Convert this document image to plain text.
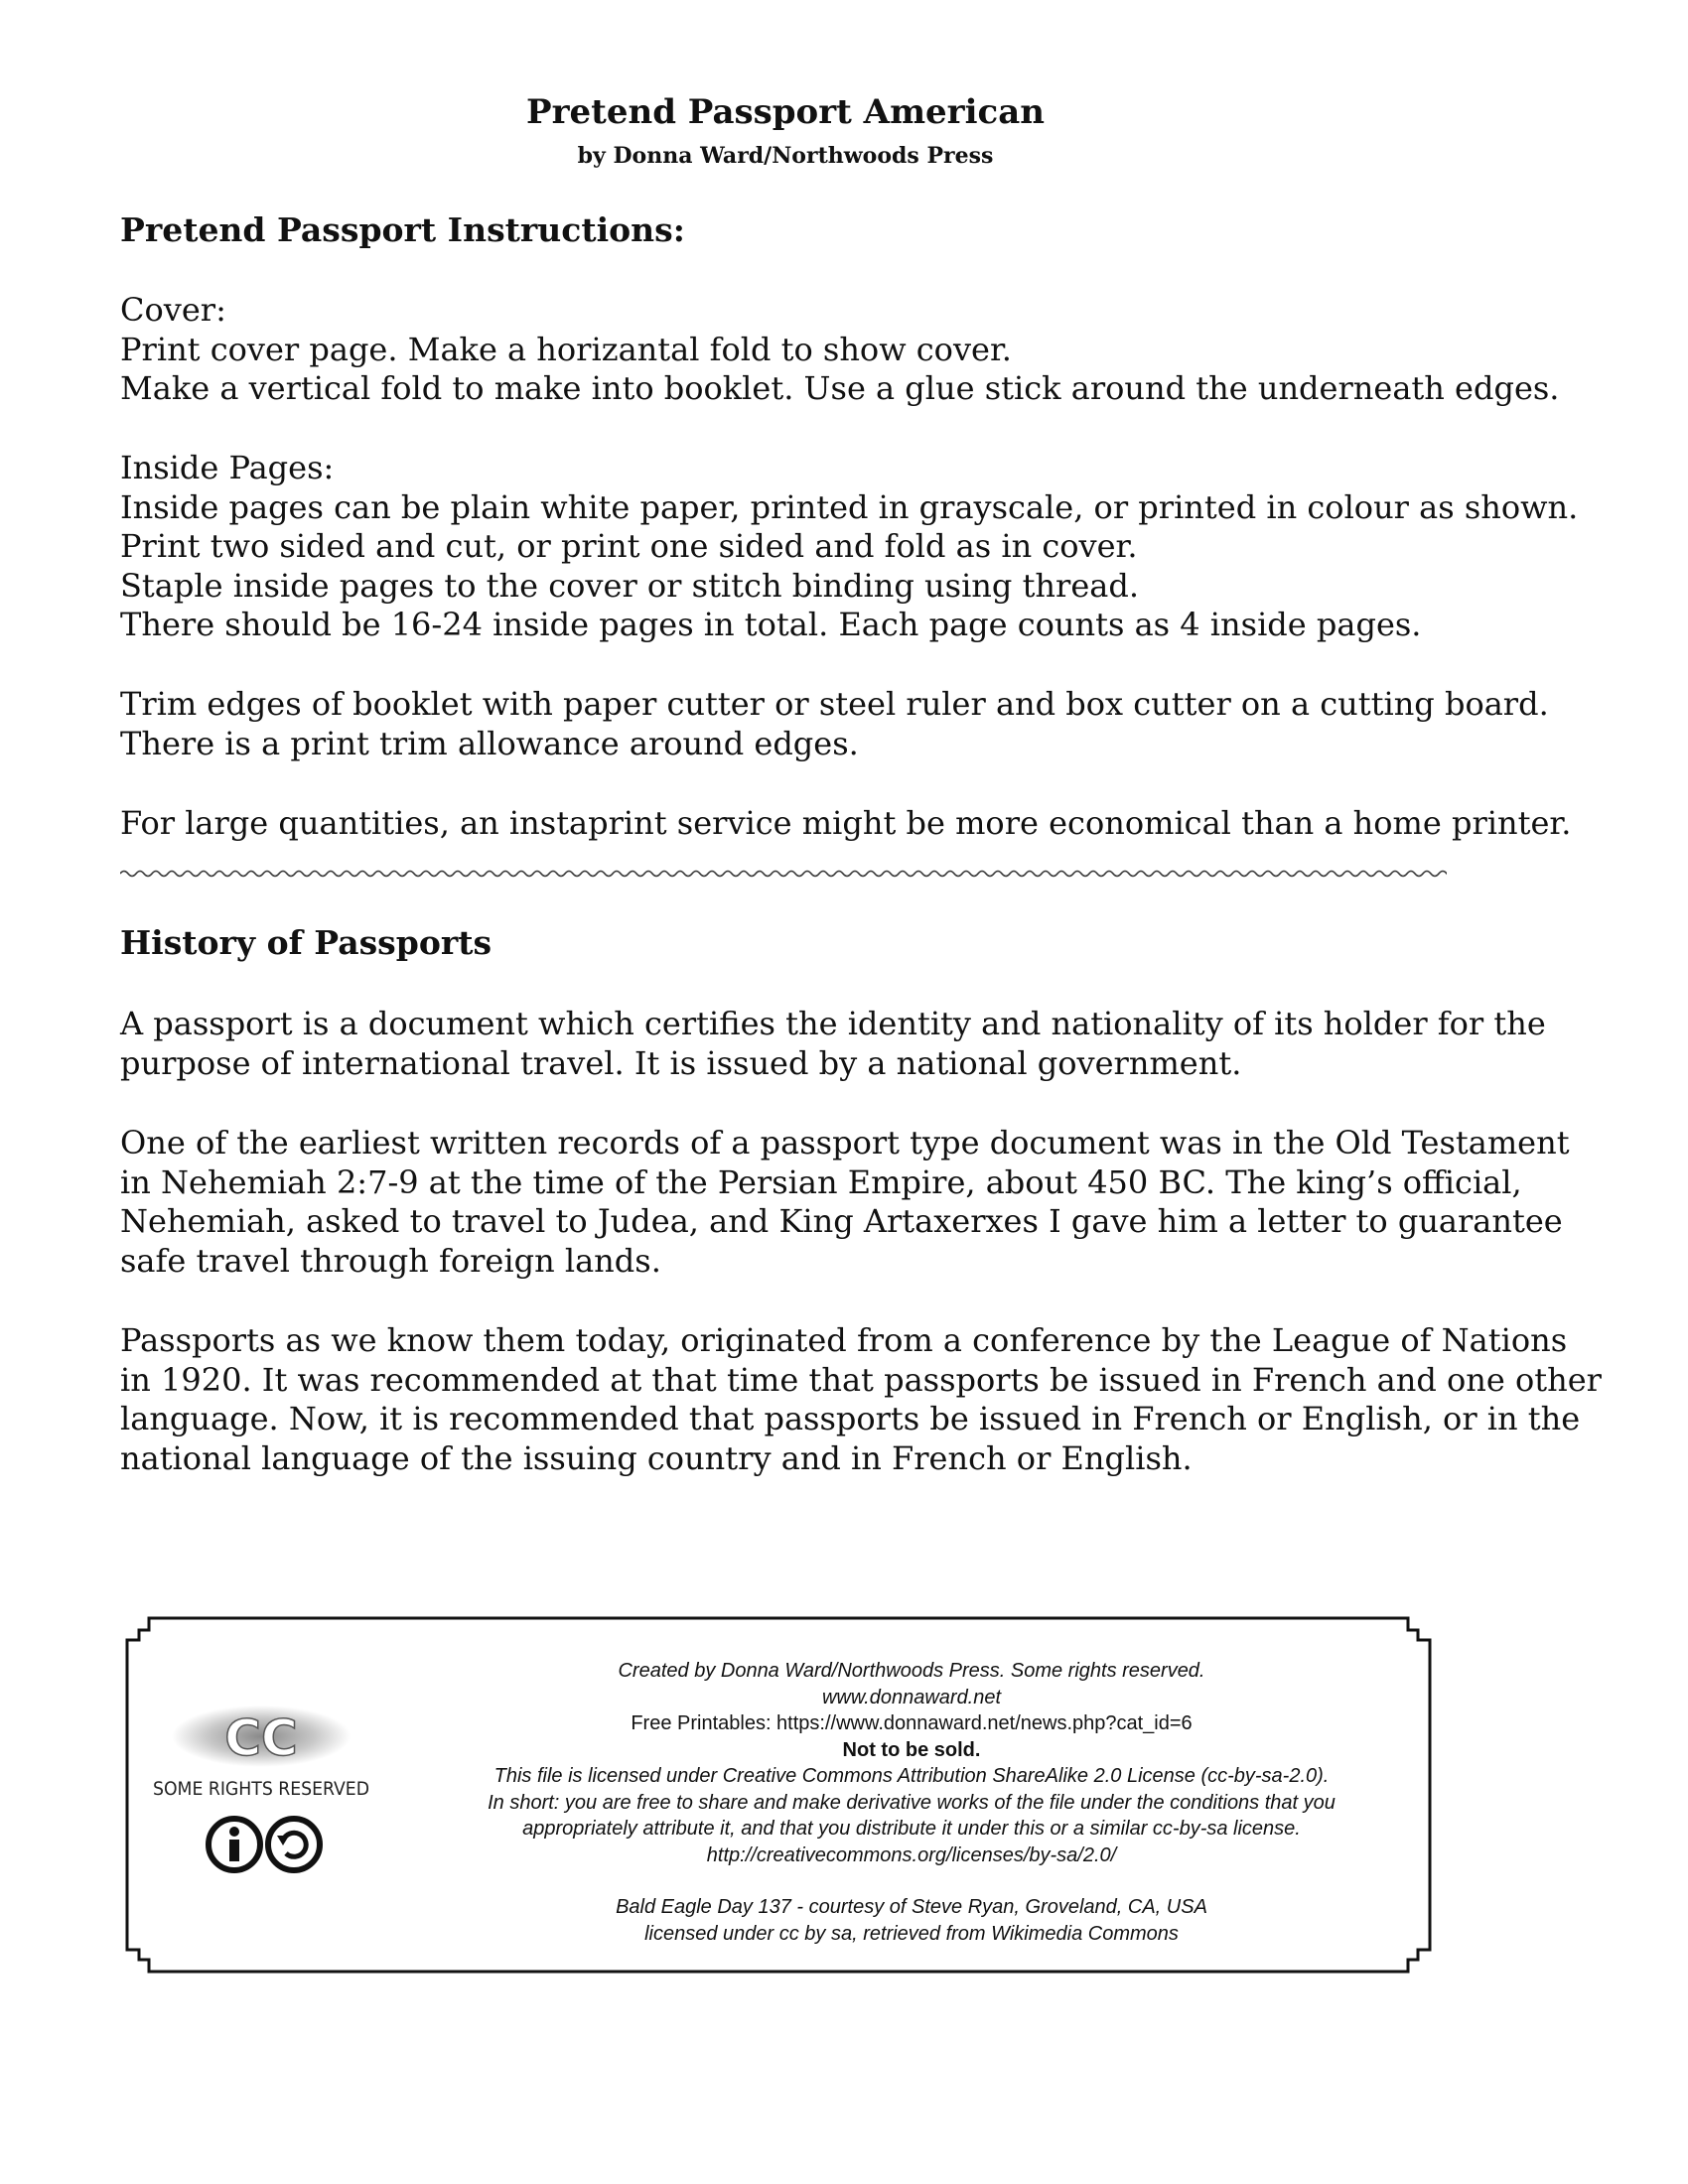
Pretend Passport American
by Donna Ward/Northwoods Press
Pretend Passport Instructions:
Cover:
Print cover page. Make a horizantal fold to show cover.
Make a vertical fold to make into booklet. Use a glue stick around the underneath edges.
Inside Pages:
Inside pages can be plain white paper, printed in grayscale, or printed in colour as shown.
Print two sided and cut, or print one sided and fold as in cover.
Staple inside pages to the cover or stitch binding using thread.
There should be 16-24 inside pages in total. Each page counts as 4 inside pages.
Trim edges of booklet with paper cutter or steel ruler and box cutter on a cutting board.
There is a print trim allowance around edges.
For large quantities, an instaprint service might be more economical than a home printer.
History of Passports
A passport is a document which certifies the identity and nationality of its holder for the
purpose of international travel. It is issued by a national government.
One of the earliest written records of a passport type document was in the Old Testament
in Nehemiah 2:7-9 at the time of the Persian Empire, about 450 BC. The king’s official,
Nehemiah, asked to travel to Judea, and King Artaxerxes I gave him a letter to guarantee
safe travel through foreign lands.
Passports as we know them today, originated from a conference by the League of Nations
in 1920. It was recommended at that time that passports be issued in French and one other
language. Now, it is recommended that passports be issued in French or English, or in the
national language of the issuing country and in French or English.
CC
SOME RIGHTS RESERVED
Created by Donna Ward/Northwoods Press. Some rights reserved.
www.donnaward.net
Free Printables: https://www.donnaward.net/news.php?cat_id=6
Not to be sold.
This file is licensed under Creative Commons Attribution ShareAlike 2.0 License (cc-by-sa-2.0).
In short: you are free to share and make derivative works of the file under the conditions that you
appropriately attribute it, and that you distribute it under this or a similar cc-by-sa license.
http://creativecommons.org/licenses/by-sa/2.0/
Bald Eagle Day 137 - courtesy of Steve Ryan, Groveland, CA, USA
licensed under cc by sa, retrieved from Wikimedia Commons
